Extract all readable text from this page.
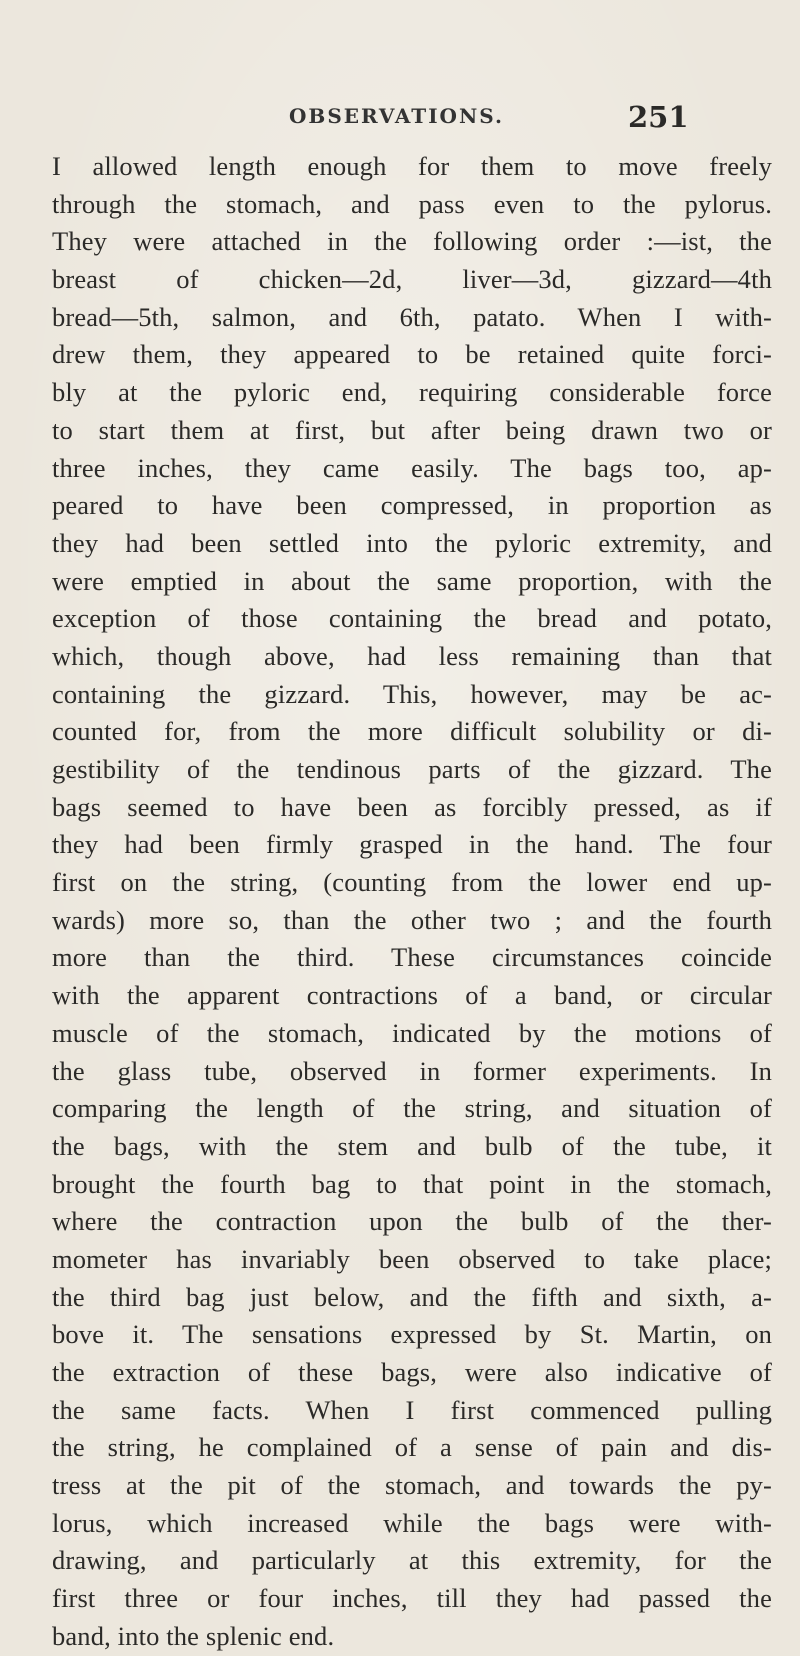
OBSERVATIONS.	251
I allowed length enough for them to move freely
through the stomach, and pass even to the pylorus.
They were attached in the following order :—ist, the
breast of chicken—2d, liver—3d, gizzard—4th
bread—5th, salmon, and 6th, patato. When I with-
drew them, they appeared to be retained quite forci-
bly at the pyloric end, requiring considerable force
to start them at first, but after being drawn two or
three inches, they came easily. The bags too, ap-
peared to have been compressed, in proportion as
they had been settled into the pyloric extremity, and
were emptied in about the same proportion, with the
exception of those containing the bread and potato,
which, though above, had less remaining than that
containing the gizzard. This, however, may be ac-
counted for, from the more difficult solubility or di-
gestibility of the tendinous parts of the gizzard. The
bags seemed to have been as forcibly pressed, as if
they had been firmly grasped in the hand. The four
first on the string, (counting from the lower end up-
wards) more so, than the other two ; and the fourth
more than the third. These circumstances coincide
with the apparent contractions of a band, or circular
muscle of the stomach, indicated by the motions of
the glass tube, observed in former experiments. In
comparing the length of the string, and situation of
the bags, with the stem and bulb of the tube, it
brought the fourth bag to that point in the stomach,
where the contraction upon the bulb of the ther-
mometer has invariably been observed to take place;
the third bag just below, and the fifth and sixth, a-
bove it. The sensations expressed by St. Martin, on
the extraction of these bags, were also indicative of
the same facts. When I first commenced pulling
the string, he complained of a sense of pain and dis-
tress at the pit of the stomach, and towards the py-
lorus, which increased while the bags were with-
drawing, and particularly at this extremity, for the
first three or four inches, till they had passed the
band, into the splenic end.
